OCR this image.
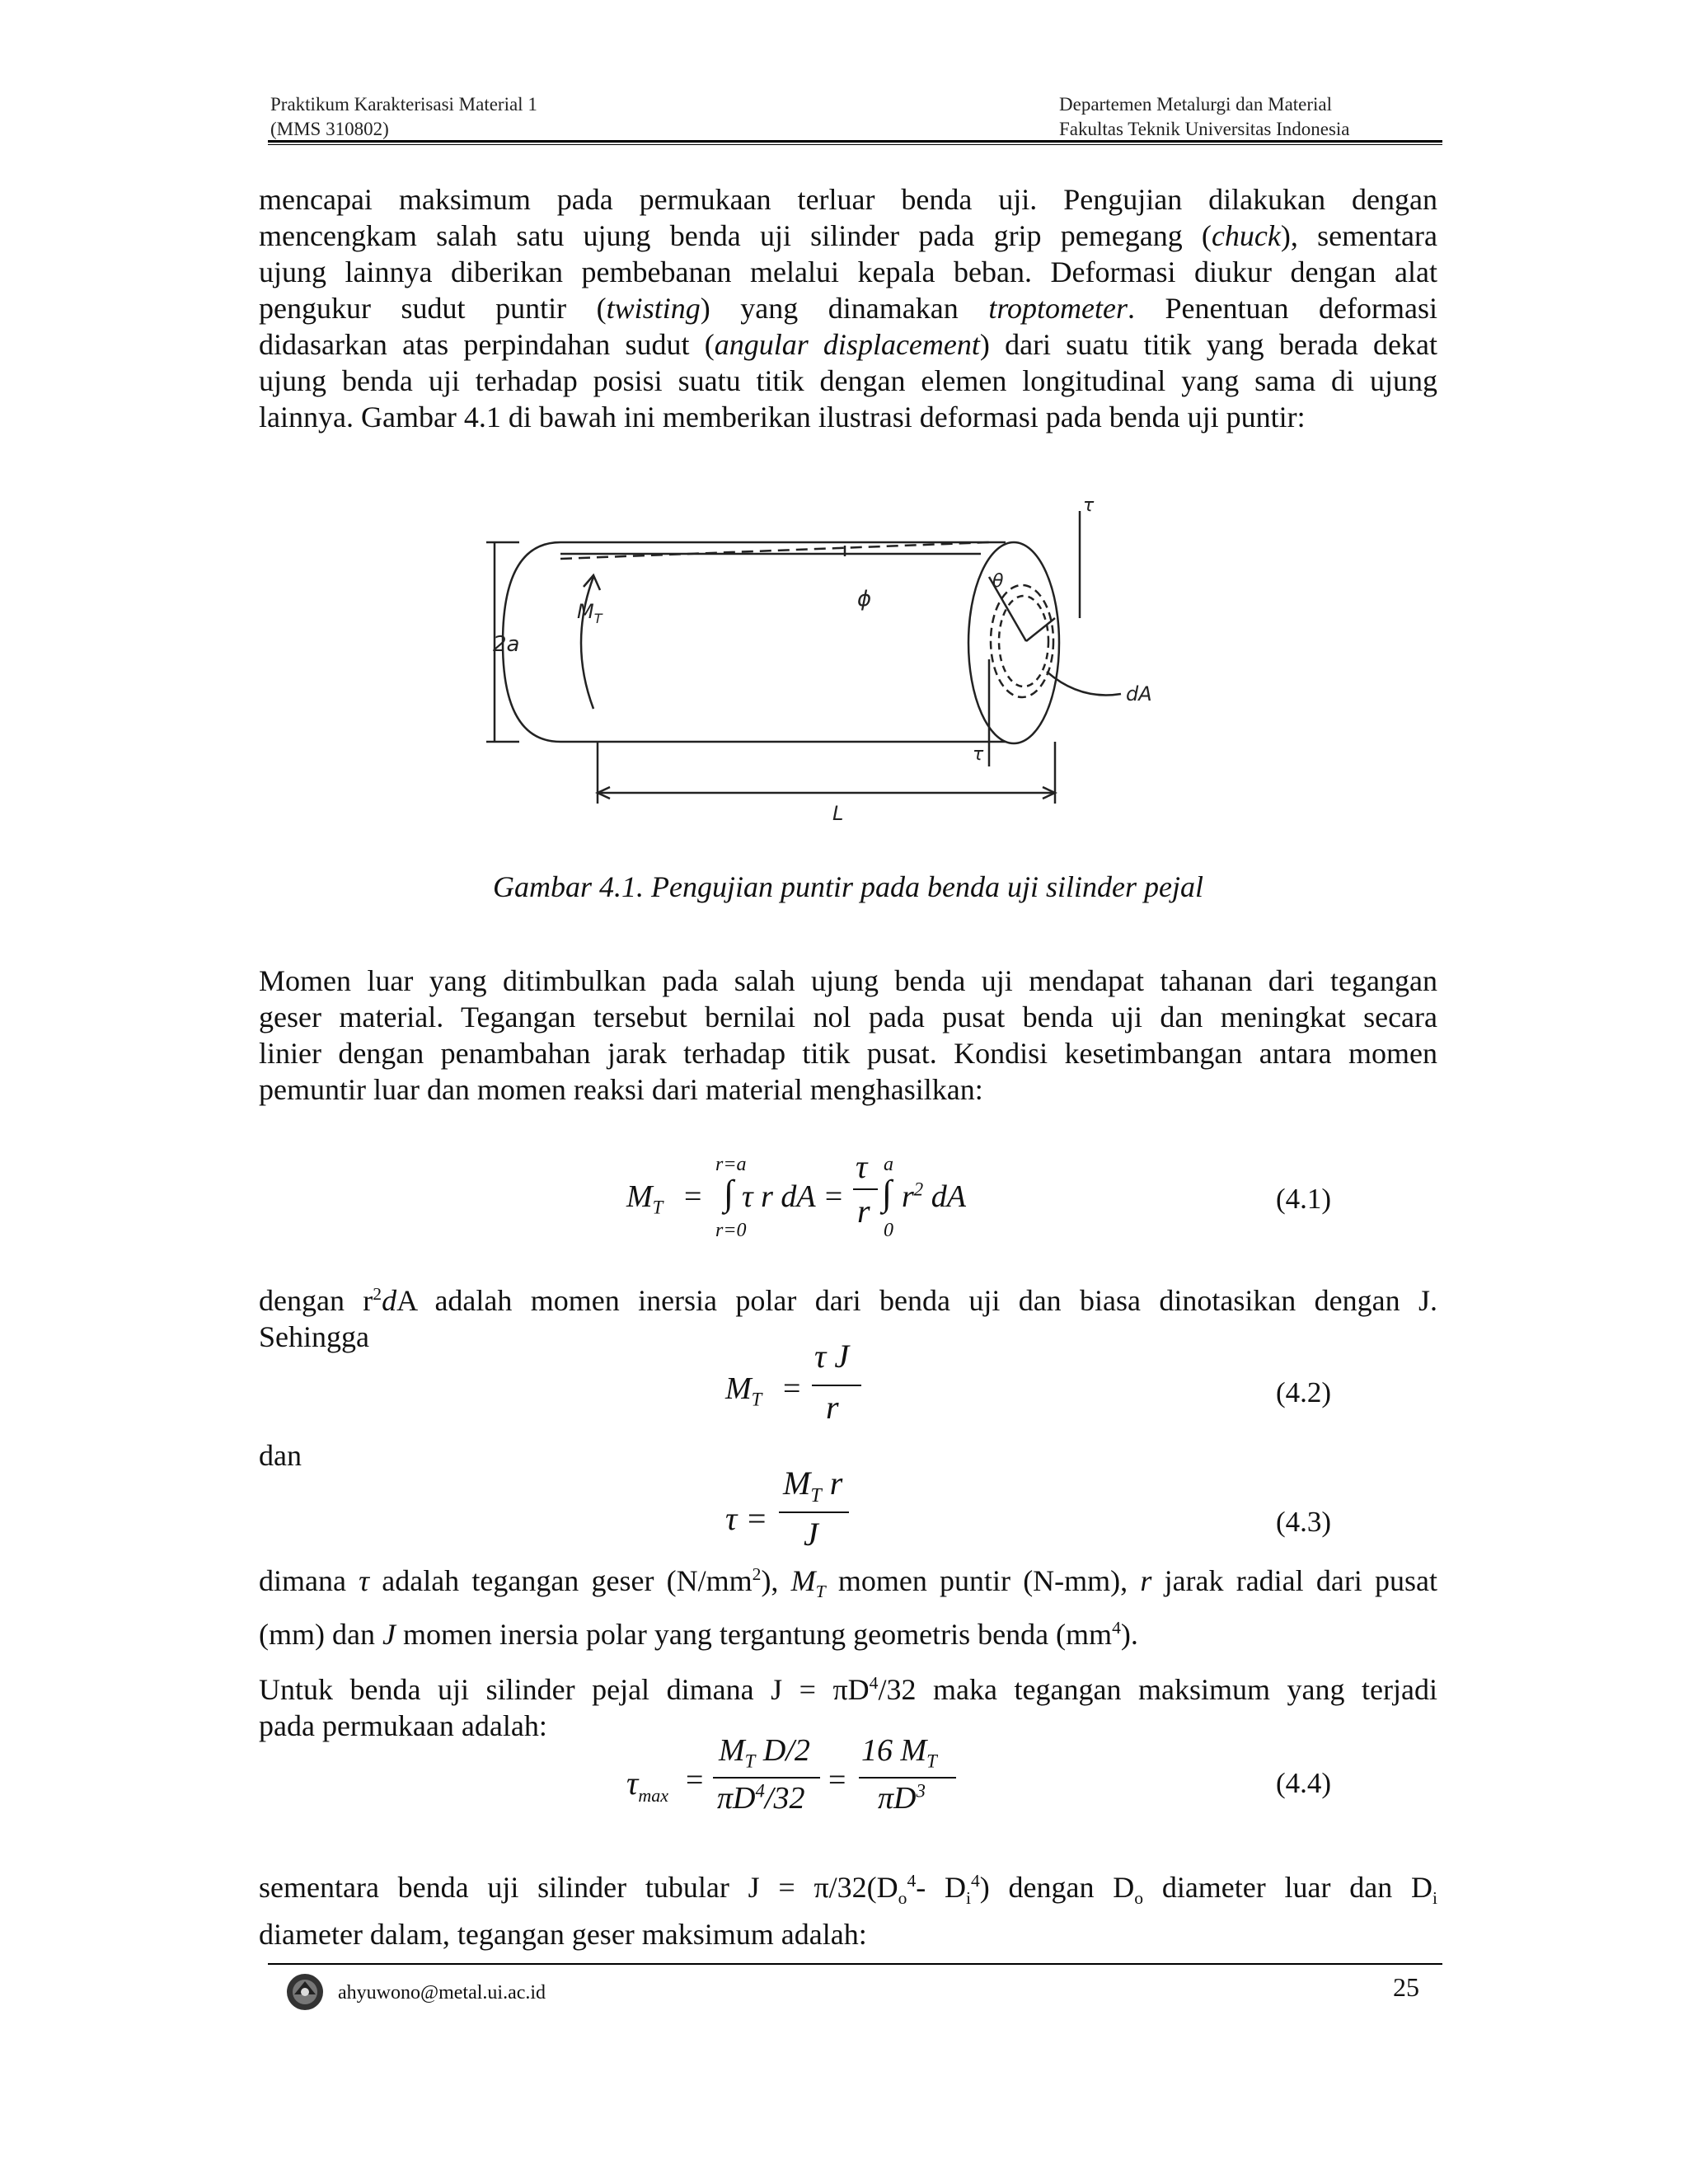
Praktikum Karakterisasi Material 1
(MMS 310802)
Departemen Metalurgi dan Material
Fakultas Teknik Universitas Indonesia
mencapai maksimum pada permukaan terluar benda uji. Pengujian dilakukan dengan
mencengkam salah satu ujung benda uji silinder pada grip pemegang (chuck), sementara
ujung lainnya diberikan pembebanan melalui kepala beban. Deformasi diukur dengan alat
pengukur sudut puntir (twisting) yang dinamakan troptometer. Penentuan deformasi
didasarkan atas perpindahan sudut (angular displacement) dari suatu titik yang berada dekat
ujung benda uji terhadap posisi suatu titik dengan elemen longitudinal yang sama di ujung
lainnya. Gambar 4.1 di bawah ini memberikan ilustrasi deformasi pada benda uji puntir:
2a
$M_T$
ϕ
θ
τ
τ
dA
L
Gambar 4.1. Pengujian puntir pada benda uji silinder pejal
Momen luar yang ditimbulkan pada salah ujung benda uji mendapat tahanan dari tegangan
geser material. Tegangan tersebut bernilai nol pada pusat benda uji dan meningkat secara
linier dengan penambahan jarak terhadap titik pusat. Kondisi kesetimbangan antara momen
pemuntir luar dan momen reaksi dari material menghasilkan:
$M_T$ =
r=a
∫
r=0
τ r dA =
τ
r
a
∫
0
$r^2$ dA	(4.1)
dengan $r^2dA$ adalah momen inersia polar dari benda uji dan biasa dinotasikan dengan J.
Sehingga
$M_T$ =
τ J
r	(4.2)
dan
τ =
$M_T$ r
J	(4.3)
dimana τ adalah tegangan geser $(N/mm^2)$, $M_T$ momen puntir (N-mm), r jarak radial dari pusat
(mm) dan J momen inersia polar yang tergantung geometris benda $(mm^4)$.
Untuk benda uji silinder pejal dimana $J = \pi D^4/32$ maka tegangan maksimum yang terjadi
pada permukaan adalah:
$\tau_{max}$ =
$M_T$ D/2
$\pi D^4/32$
=
16 $M_T$
$\pi D^3$	(4.4)
sementara benda uji silinder tubular $J = \pi/32(D_o^4-$ $D_i^4$) dengan $D_o$ diameter luar dan $D_i$
diameter dalam, tegangan geser maksimum adalah:
ahyuwono@metal.ui.ac.id	25
